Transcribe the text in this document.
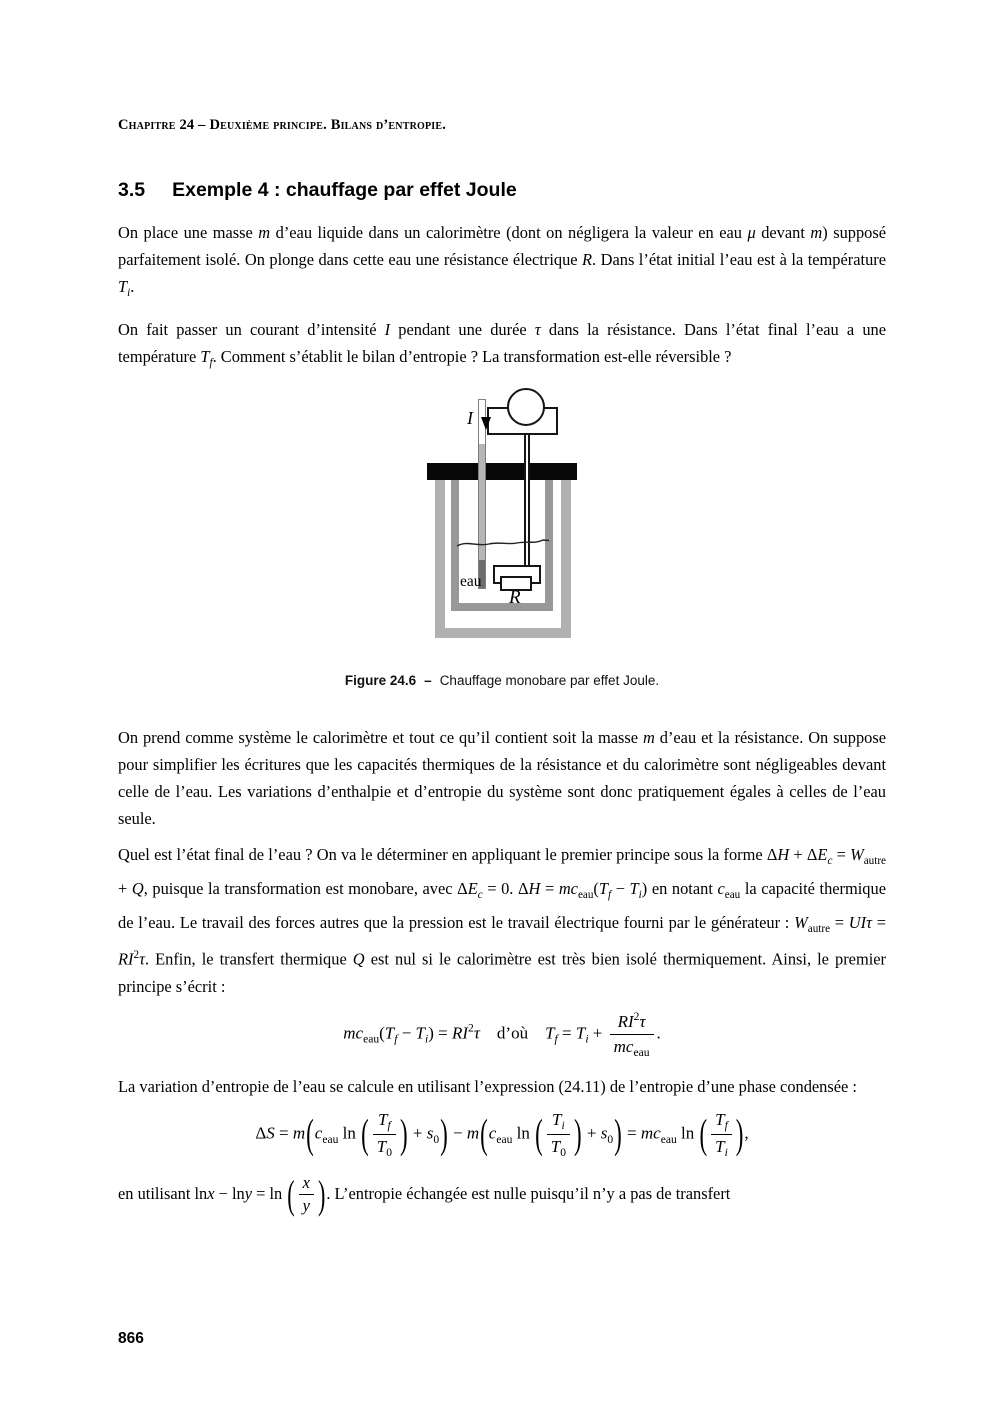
Chapitre 24 – Deuxième principe. Bilans d’entropie.
3.5 Exemple 4 : chauffage par effet Joule

On place une masse m d’eau liquide dans un calorimètre (dont on négligera la valeur en eau μ devant m) supposé parfaitement isolé. On plonge dans cette eau une résistance électrique R. Dans l’état initial l’eau est à la température $T_i$.

On fait passer un courant d’intensité I pendant une durée τ dans la résistance. Dans l’état final l’eau a une température $T_f$. Comment s’établit le bilan d’entropie ? La transformation est-elle réversible ?

I
eau
R
Figure 24.6 – Chauffage monobare par effet Joule.

On prend comme système le calorimètre et tout ce qu’il contient soit la masse m d’eau et la résistance. On suppose pour simplifier les écritures que les capacités thermiques de la résistance et du calorimètre sont négligeables devant celle de l’eau. Les variations d’enthalpie et d’entropie du système sont donc pratiquement égales à celles de l’eau seule.

Quel est l’état final de l’eau ? On va le déterminer en appliquant le premier principe sous la forme $\Delta H + \Delta E_c = W_{autre} + Q$, puisque la transformation est monobare, avec $\Delta E_c = 0$. $\Delta H = mc_{eau}(T_f - T_i)$ en notant $c_{eau}$ la capacité thermique de l’eau. Le travail des forces autres que la pression est le travail électrique fourni par le générateur : $W_{autre} = UI\tau = RI^2\tau$. Enfin, le transfert thermique Q est nul si le calorimètre est très bien isolé thermiquement. Ainsi, le premier principe s’écrit :

$mc_{eau}(T_f - T_i) = RI^2\tau$ d’où $T_f = T_i$ +
$RI^2\tau$
$mc_{eau}$
.

La variation d’entropie de l’eau se calcule en utilisant l’expression (24.11) de l’entropie d’une phase condensée :

$\Delta S = m(c_{eau}$ ln ( $\frac{T_f}{T_0}$ ) + $s_0) - m(c_{eau}$ ln ( $\frac{T_i}{T_0}$ ) + $s_0) = mc_{eau}$ ln ( $\frac{T_f}{T_i}$ ),

en utilisant lnx − lny = ln ( $\frac{x}{y}$ ). L’entropie échangée est nulle puisqu’il n’y a pas de transfert

866
